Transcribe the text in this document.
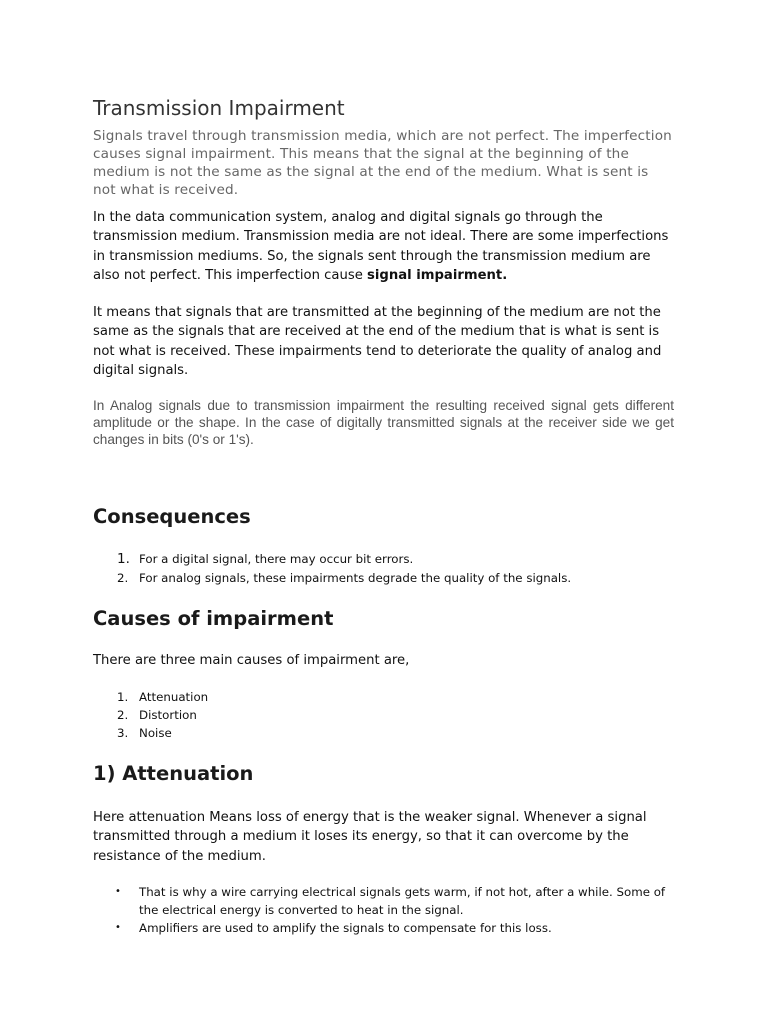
Transmission Impairment

Signals travel through transmission media, which are not perfect. The imperfection causes signal impairment. This means that the signal at the beginning of the medium is not the same as the signal at the end of the medium. What is sent is not what is received.

In the data communication system, analog and digital signals go through the transmission medium. Transmission media are not ideal. There are some imperfections in transmission mediums. So, the signals sent through the transmission medium are also not perfect. This imperfection cause signal impairment.

It means that signals that are transmitted at the beginning of the medium are not the same as the signals that are received at the end of the medium that is what is sent is not what is received. These impairments tend to deteriorate the quality of analog and digital signals.

In Analog signals due to transmission impairment the resulting received signal gets different amplitude or the shape. In the case of digitally transmitted signals at the receiver side we get changes in bits (0's or 1's).

Consequences
1. For a digital signal, there may occur bit errors.
2. For analog signals, these impairments degrade the quality of the signals.
Causes of impairment

There are three main causes of impairment are,

1. Attenuation
2. Distortion
3. Noise
1) Attenuation

Here attenuation Means loss of energy that is the weaker signal. Whenever a signal transmitted through a medium it loses its energy, so that it can overcome by the resistance of the medium.

•	That is why a wire carrying electrical signals gets warm, if not hot, after a while. Some of the electrical energy is converted to heat in the signal.
•	Amplifiers are used to amplify the signals to compensate for this loss.
